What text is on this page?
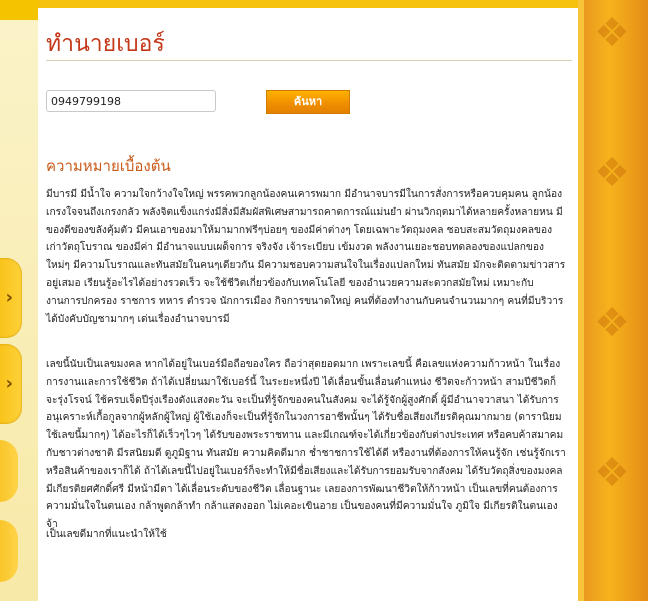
›
›
❖
❖
❖
❖
ทำนายเบอร์
0949799198
ค้นหา
ความหมายเบื้องต้น

มีบารมี มีน้ำใจ ความใจกว้างใจใหญ่ พรรคพวกลูกน้องคนเคารพมาก มีอำนาจบารมีในการสั่งการหรือควบคุมคน ลูกน้องเกรงใจจนถึงเกรงกลัว พลังจิตแข็งแกร่งมีสิ่งมีสัมผัสพิเศษสามารถคาดการณ์แม่นยำ ผ่านวิกฤตมาได้หลายครั้งหลายหน มีของดีของขลังคุ้มตัว มีคนเอาของมาให้มามากฟรีๆบ่อยๆ ของมีค่าต่างๆ โดยเฉพาะวัตถุมงคล ชอบสะสมวัตถุมงคลของเก่าวัตถุโบราณ ของมีค่า มีอำนาจแบบเผด็จการ จริงจัง เจ้าระเบียบ เข้มงวด พลังงานเยอะชอบทดลองของแปลกของใหม่ๆ มีความโบราณและทันสมัยในคนๆเดียวกัน มีความชอบความสนใจในเรื่องแปลกใหม่ ทันสมัย มักจะติดตามข่าวสารอยู่เสมอ เรียนรู้อะไรได้อย่างรวดเร็ว จะใช้ชีวิตเกี่ยวข้องกับเทคโนโลยี ของอำนวยความสะดวกสมัยใหม่ เหมาะกับงานการปกครอง ราชการ ทหาร ตำรวจ นักการเมือง กิจการขนาดใหญ่ คนที่ต้องทำงานกับคนจำนวนมากๆ คนที่มีบริวารได้บังคับบัญชามากๆ เด่นเรื่องอำนาจบารมี

เลขนี้นับเป็นเลขมงคล หากได้อยู่ในเบอร์มือถือของใคร ถือว่าสุดยอดมาก เพราะเลขนี้ คือเลขแห่งความก้าวหน้า ในเรื่องการงานและการใช้ชีวิต ถ้าได้เปลี่ยนมาใช้เบอร์นี้ ในระยะหนึ่งปี ได้เลื่อนขั้นเลื่อนตำแหน่ง ชีวิตจะก้าวหน้า สามปีชีวิตก็จะรุ่งโรจน์ ใช้ครบเจ็ดปีรุ่งเรืองดังแสงตะวัน จะเป็นที่รู้จักของคนในสังคม จะได้รู้จักผู้สูงศักดิ์ ผู้มีอำนาจวาสนา ได้รับการอนุเคราะห์เกื้อกูลจากผู้หลักผู้ใหญ่ ผู้ใช้เองก็จะเป็นที่รู้จักในวงการอาชีพนั้นๆ ได้รับชื่อเสียงเกียรติคุณมากมาย (ดารานิยมใช้เลขนี้มากๆ) ได้อะไรก็ได้เร็วๆไวๆ ได้รับของพระราชทาน และมีเกณฑ์จะได้เกี่ยวข้องกับต่างประเทศ หรือคบค้าสมาคมกับชาวต่างชาติ มีรสนิยมดี ดูภูมิฐาน ทันสมัย ความคิดดีมาก ช่ำชาชการใช้ได้ดี หรืองานที่ต้องการให้คนรู้จัก เช่นรู้จักเรา หรือสินค้าของเราก็ได้ ถ้าได้เลขนี้ไปอยู่ในเบอร์ก็จะทำให้มีชื่อเสียงและได้รับการยอมรับจากสังคม ได้รับวัตถุสิ่งของมงคล มีเกียรติยศศักดิ์ศรี มีหน้ามีตา ได้เลื่อนระดับของชีวิต เลื่อนฐานะ เลยองการพัฒนาชีวิตให้ก้าวหน้า เป็นเลขที่คนต้องการความมั่นใจในตนเอง กล้าพูดกล้าทำ กล้าแสดงออก ไม่เคอะเขินอาย เป็นของคนที่มีความมั่นใจ ภูมิใจ มีเกียรติในตนเองจ้า

เป็นเลขดีมากที่แนะนำให้ใช้
